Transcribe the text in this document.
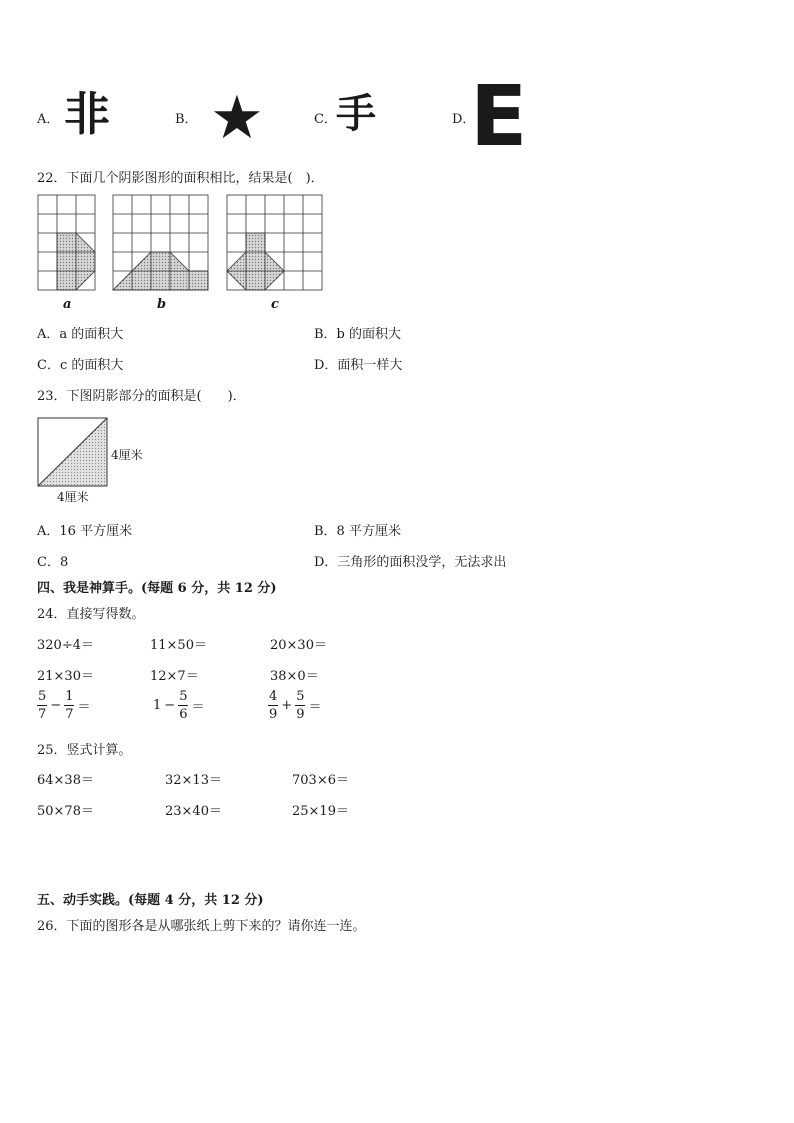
A． 非	B． ★	C． 手	D．
E
22．下面几个阴影图形的面积相比，结果是(　)．
a	b	c
A．a 的面积大	B．b 的面积大
C．c 的面积大	D．面积一样大
23．下图阴影部分的面积是(　　)．
4厘米
4厘米
A．16 平方厘米	B．8 平方厘米
C．8	D．三角形的面积没学，无法求出
四、我是神算手。(每题 6 分，共 12 分)
24．直接写得数。
320÷4＝	11×50＝	20×30＝
21×30＝	12×7＝	38×0＝
$\frac{5}{7} - \frac{1}{7}$ ＝	$1 - \frac{5}{6}$ ＝	$\frac{4}{9} + \frac{5}{9}$ ＝
25．竖式计算。
64×38＝	32×13＝	703×6＝
50×78＝	23×40＝	25×19＝
五、动手实践。(每题 4 分，共 12 分)
26．下面的图形各是从哪张纸上剪下来的？请你连一连。
